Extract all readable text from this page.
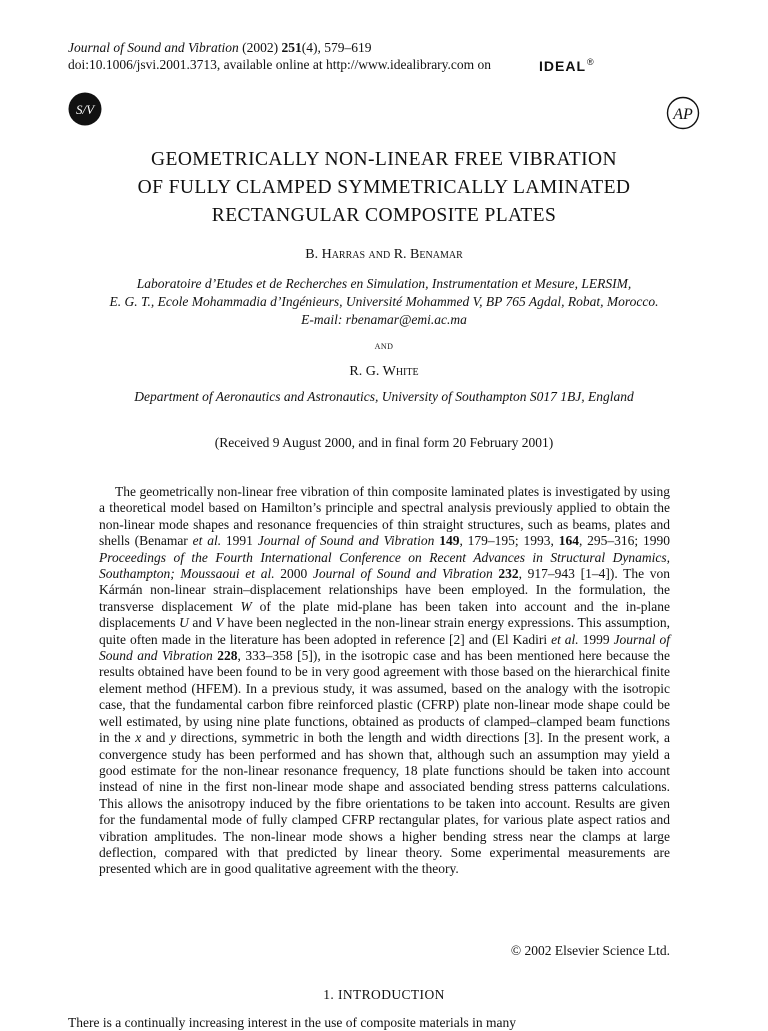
Journal of Sound and Vibration (2002) 251(4), 579–619
doi:10.1006/jsvi.2001.3713, available online at http://www.idealibrary.com on	IDEAL®
S/V	AP
GEOMETRICALLY NON-LINEAR FREE VIBRATION
OF FULLY CLAMPED SYMMETRICALLY LAMINATED
RECTANGULAR COMPOSITE PLATES
B. Harras and R. Benamar
Laboratoire d’Etudes et de Recherches en Simulation, Instrumentation et Mesure, LERSIM,
E. G. T., Ecole Mohammadia d’Ingénieurs, Université Mohammed V, BP 765 Agdal, Robat, Morocco.
E-mail: rbenamar@emi.ac.ma
and
R. G. White
Department of Aeronautics and Astronautics, University of Southampton S017 1BJ, England
(Received 9 August 2000, and in final form 20 February 2001)
The geometrically non-linear free vibration of thin composite laminated plates is investigated by using a theoretical model based on Hamilton’s principle and spectral analysis previously applied to obtain the non-linear mode shapes and resonance frequencies of thin straight structures, such as beams, plates and shells (Benamar et al. 1991 Journal of Sound and Vibration 149, 179–195; 1993, 164, 295–316; 1990 Proceedings of the Fourth International Conference on Recent Advances in Structural Dynamics, Southampton; Moussaoui et al. 2000 Journal of Sound and Vibration 232, 917–943 [1–4]). The von Kármán non-linear strain–displacement relationships have been employed. In the formulation, the transverse displacement W of the plate mid-plane has been taken into account and the in-plane displacements U and V have been neglected in the non-linear strain energy expressions. This assumption, quite often made in the literature has been adopted in reference [2] and (El Kadiri et al. 1999 Journal of Sound and Vibration 228, 333–358 [5]), in the isotropic case and has been mentioned here because the results obtained have been found to be in very good agreement with those based on the hierarchical finite element method (HFEM). In a previous study, it was assumed, based on the analogy with the isotropic case, that the fundamental carbon fibre reinforced plastic (CFRP) plate non-linear mode shape could be well estimated, by using nine plate functions, obtained as products of clamped–clamped beam functions in the x and y directions, symmetric in both the length and width directions [3]. In the present work, a convergence study has been performed and has shown that, although such an assumption may yield a good estimate for the non-linear resonance frequency, 18 plate functions should be taken into account instead of nine in the first non-linear mode shape and associated bending stress patterns calculations. This allows the anisotropy induced by the fibre orientations to be taken into account. Results are given for the fundamental mode of fully clamped CFRP rectangular plates, for various plate aspect ratios and vibration amplitudes. The non-linear mode shows a higher bending stress near the clamps at large deflection, compared with that predicted by linear theory. Some experimental measurements are presented which are in good qualitative agreement with the theory.
© 2002 Elsevier Science Ltd.
1. INTRODUCTION
There is a continually increasing interest in the use of composite materials in many
